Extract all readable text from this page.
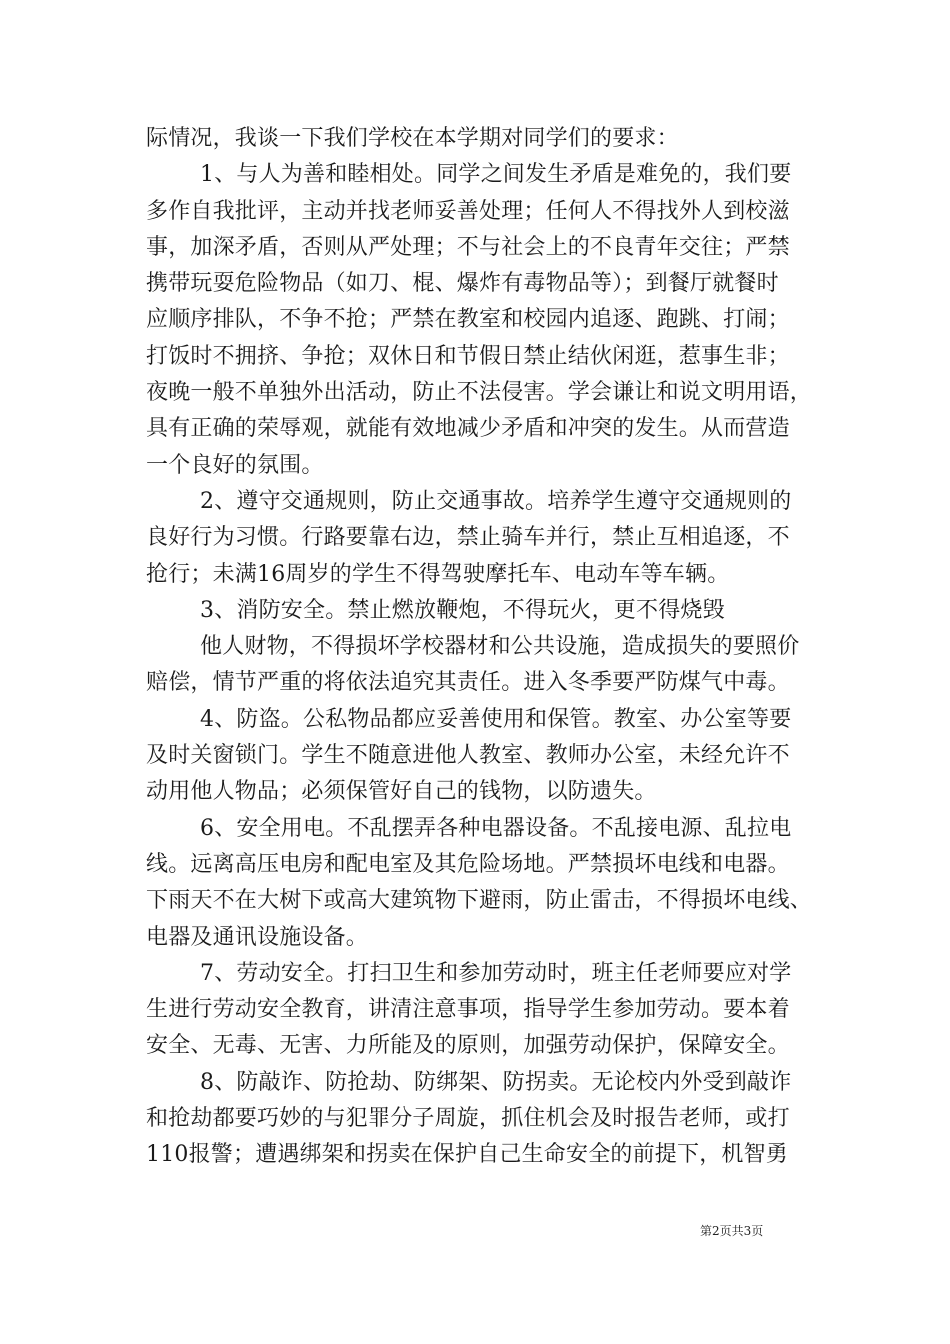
际情况，我谈一下我们学校在本学期对同学们的要求：
1、与人为善和睦相处。同学之间发生矛盾是难免的，我们要
多作自我批评，主动并找老师妥善处理；任何人不得找外人到校滋
事，加深矛盾，否则从严处理；不与社会上的不良青年交往；严禁
携带玩耍危险物品（如刀、棍、爆炸有毒物品等）；到餐厅就餐时
应顺序排队，不争不抢；严禁在教室和校园内追逐、跑跳、打闹；
打饭时不拥挤、争抢；双休日和节假日禁止结伙闲逛，惹事生非；
夜晚一般不单独外出活动，防止不法侵害。学会谦让和说文明用语，
具有正确的荣辱观，就能有效地减少矛盾和冲突的发生。从而营造
一个良好的氛围。
2、遵守交通规则，防止交通事故。培养学生遵守交通规则的
良好行为习惯。行路要靠右边，禁止骑车并行，禁止互相追逐，不
抢行；未满16周岁的学生不得驾驶摩托车、电动车等车辆。
3、消防安全。禁止燃放鞭炮，不得玩火，更不得烧毁
他人财物，不得损坏学校器材和公共设施，造成损失的要照价
赔偿，情节严重的将依法追究其责任。进入冬季要严防煤气中毒。
4、防盗。公私物品都应妥善使用和保管。教室、办公室等要
及时关窗锁门。学生不随意进他人教室、教师办公室，未经允许不
动用他人物品；必须保管好自己的钱物，以防遗失。
6、安全用电。不乱摆弄各种电器设备。不乱接电源、乱拉电
线。远离高压电房和配电室及其危险场地。严禁损坏电线和电器。
下雨天不在大树下或高大建筑物下避雨，防止雷击，不得损坏电线、
电器及通讯设施设备。
7、劳动安全。打扫卫生和参加劳动时，班主任老师要应对学
生进行劳动安全教育，讲清注意事项，指导学生参加劳动。要本着
安全、无毒、无害、力所能及的原则，加强劳动保护，保障安全。
8、防敲诈、防抢劫、防绑架、防拐卖。无论校内外受到敲诈
和抢劫都要巧妙的与犯罪分子周旋，抓住机会及时报告老师，或打
110报警；遭遇绑架和拐卖在保护自己生命安全的前提下，机智勇
第2页共3页
